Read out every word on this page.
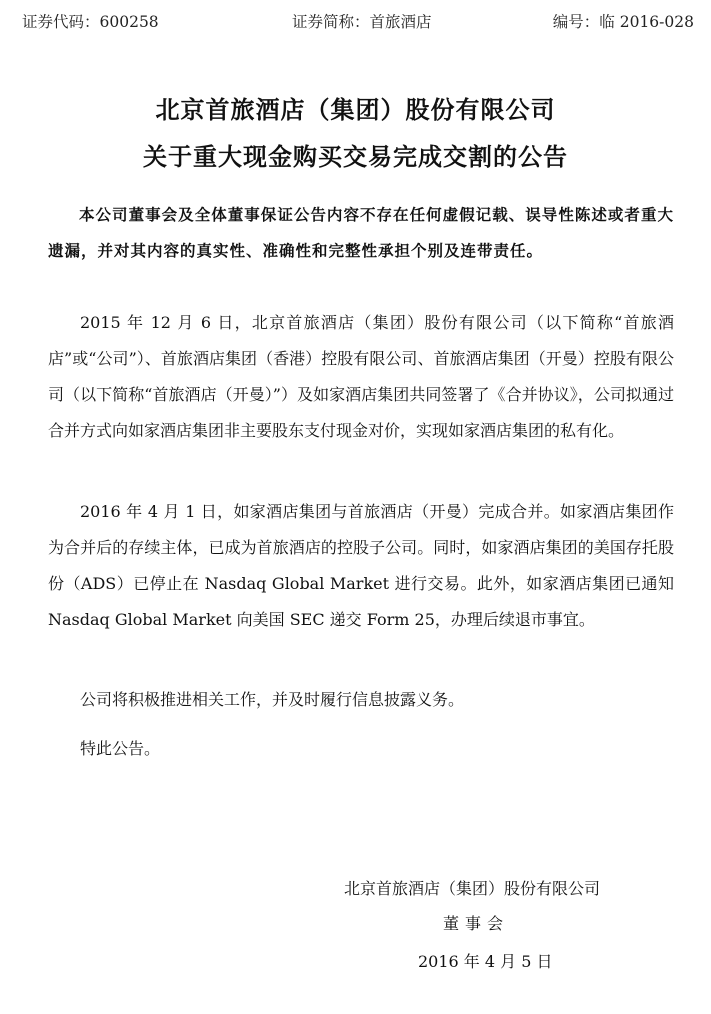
证券代码：600258	证券简称：首旅酒店	编号：临 2016-028
北京首旅酒店（集团）股份有限公司
关于重大现金购买交易完成交割的公告

本公司董事会及全体董事保证公告内容不存在任何虚假记载、误导性陈述或者重大遗漏，并对其内容的真实性、准确性和完整性承担个别及连带责任。

2015 年 12 月 6 日，北京首旅酒店（集团）股份有限公司（以下简称“首旅酒店”或“公司”）、首旅酒店集团（香港）控股有限公司、首旅酒店集团（开曼）控股有限公司（以下简称“首旅酒店（开曼）”）及如家酒店集团共同签署了《合并协议》，公司拟通过合并方式向如家酒店集团非主要股东支付现金对价，实现如家酒店集团的私有化。

2016 年 4 月 1 日，如家酒店集团与首旅酒店（开曼）完成合并。如家酒店集团作为合并后的存续主体，已成为首旅酒店的控股子公司。同时，如家酒店集团的美国存托股份（ADS）已停止在 Nasdaq Global Market 进行交易。此外，如家酒店集团已通知 Nasdaq Global Market 向美国 SEC 递交 Form 25，办理后续退市事宜。

公司将积极推进相关工作，并及时履行信息披露义务。

特此公告。

北京首旅酒店（集团）股份有限公司
董事会
2016 年 4 月 5 日
